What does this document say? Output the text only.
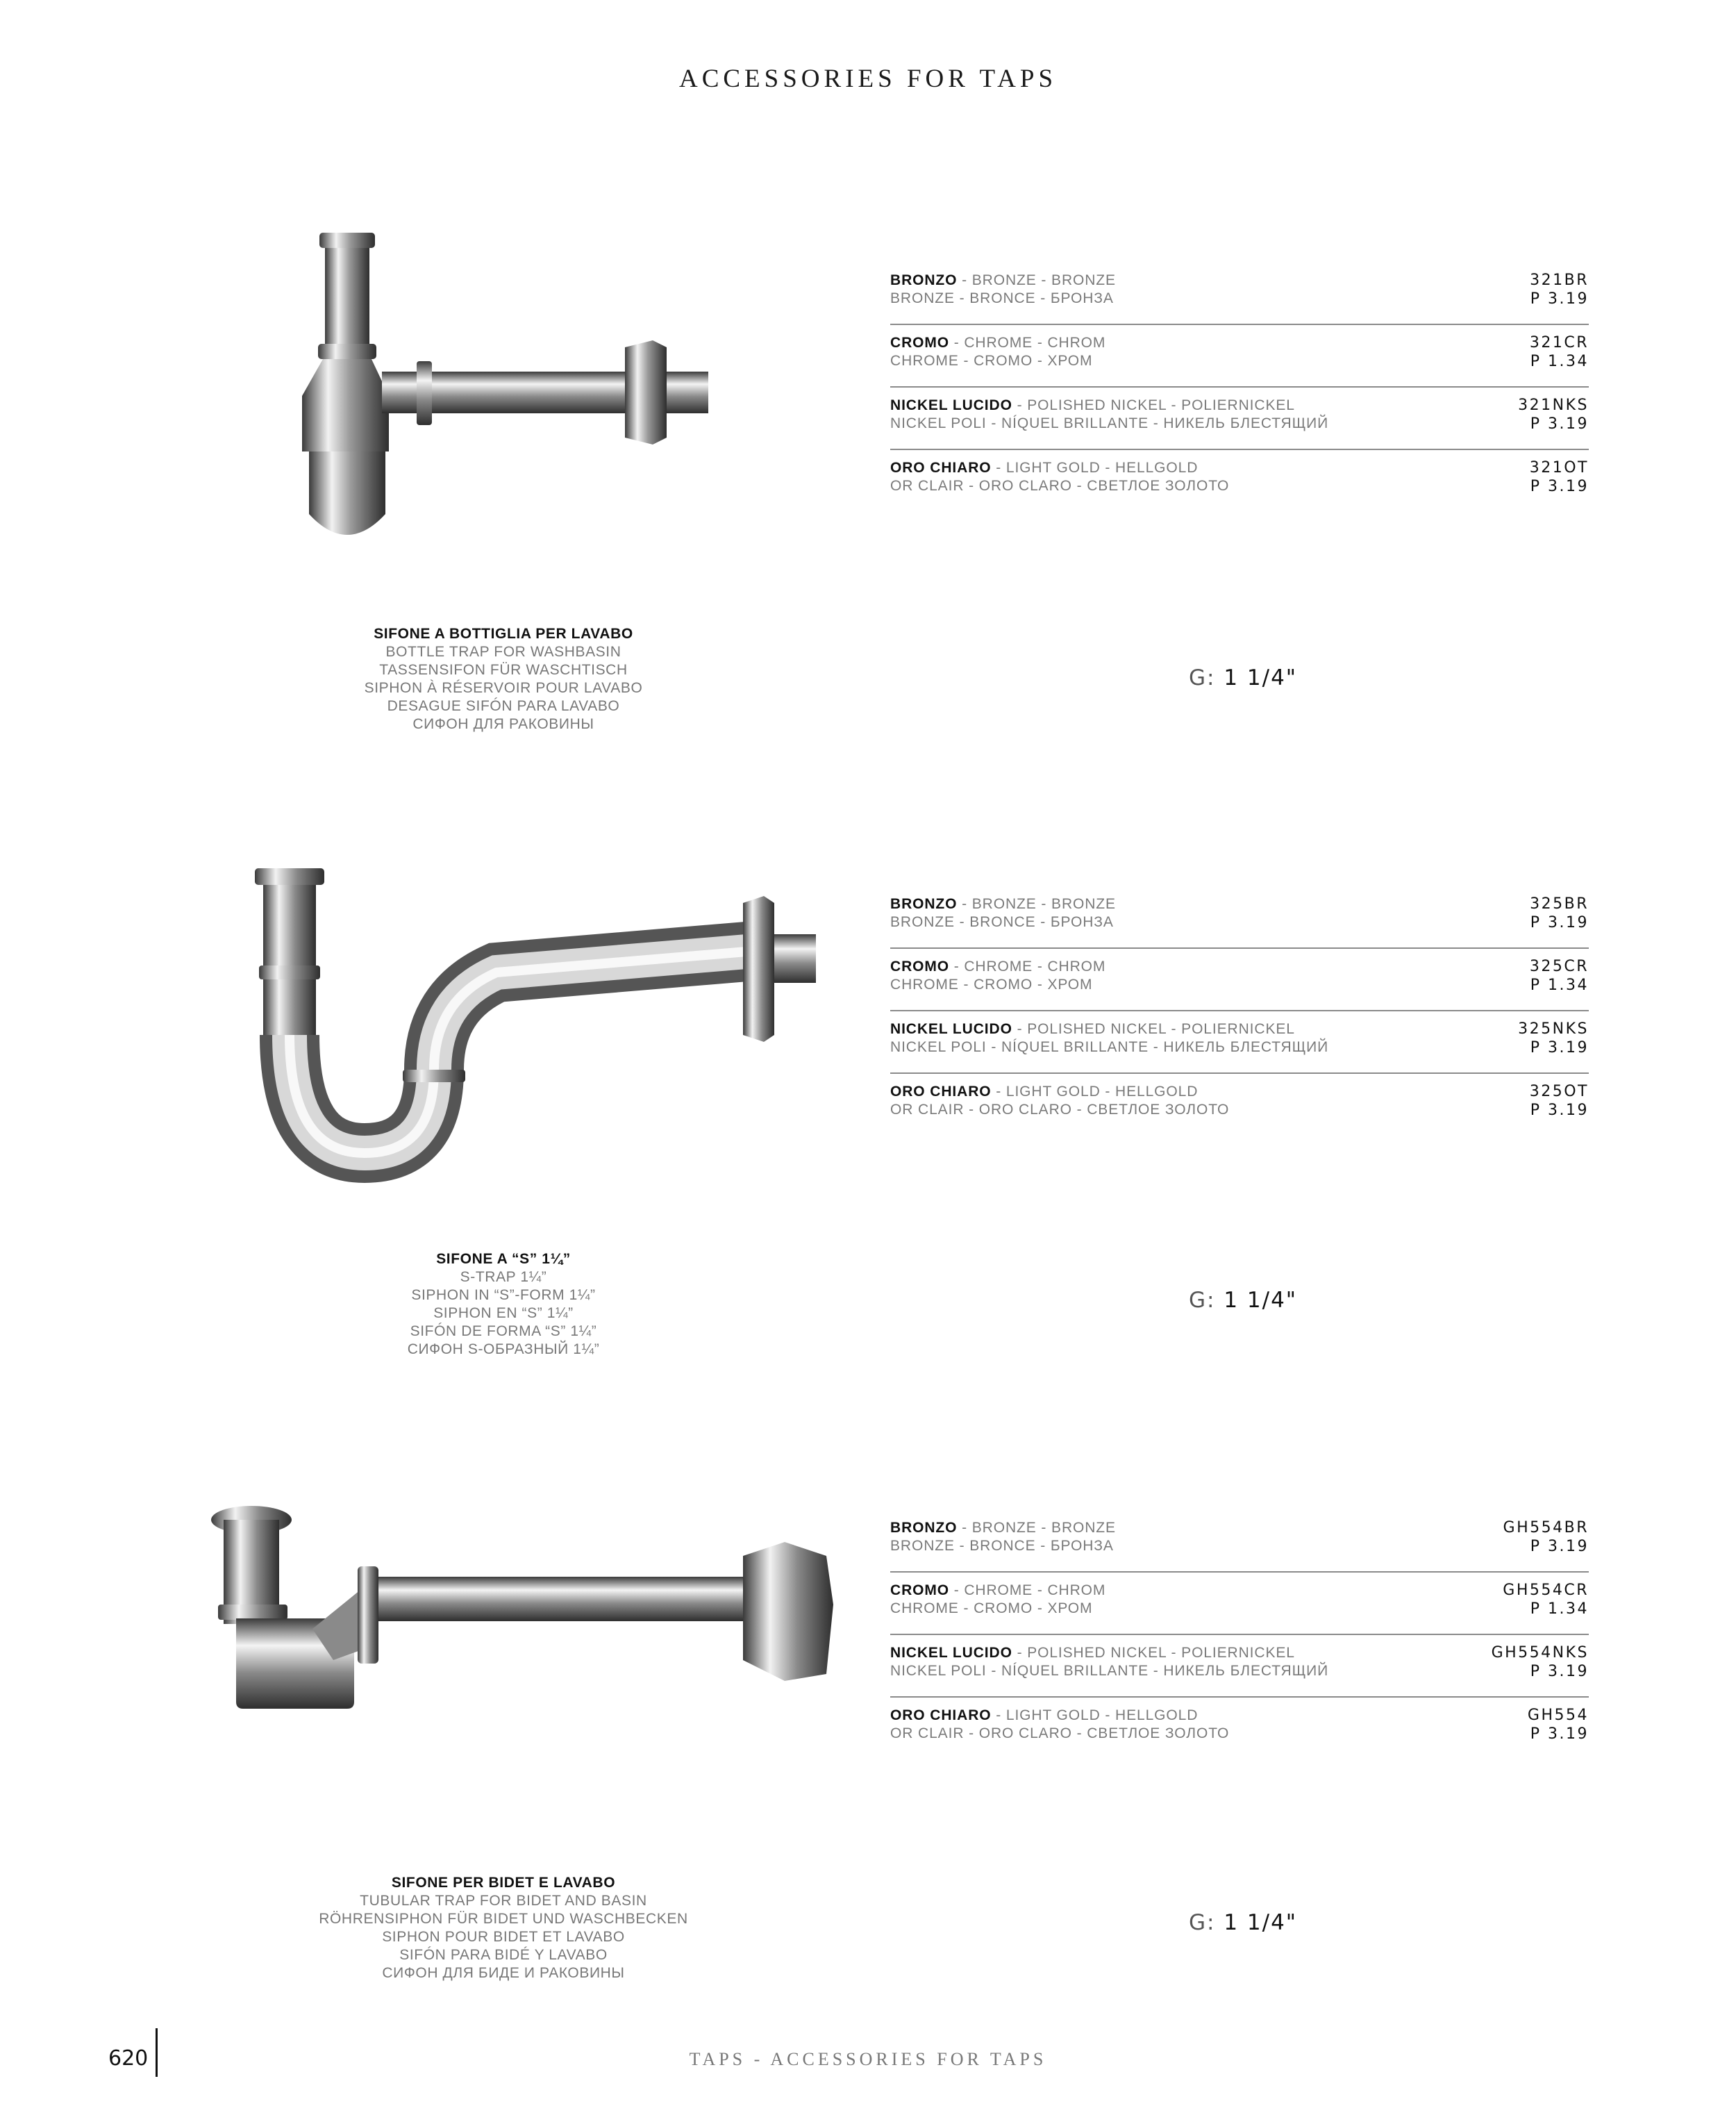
ACCESSORIES FOR TAPS
SIFONE A BOTTIGLIA PER LAVABO
BOTTLE TRAP FOR WASHBASIN
TASSENSIFON FÜR WASCHTISCH
SIPHON À RÉSERVOIR POUR LAVABO
DESAGUE SIFÓN PARA LAVABO
СИФОН ДЛЯ РАКОВИНЫ
BRONZO - BRONZE - BRONZE
BRONZE - BRONCE - БРОНЗА
321BR
P 3.19
CROMO - CHROME - CHROM
CHROME - CROMO - ХРОМ
321CR
P 1.34
NICKEL LUCIDO - POLISHED NICKEL - POLIERNICKEL
NICKEL POLI - NÍQUEL BRILLANTE - НИКЕЛЬ БЛЕСТЯЩИЙ
321NKS
P 3.19
ORO CHIARO - LIGHT GOLD - HELLGOLD
OR CLAIR - ORO CLARO - СВЕТЛОЕ ЗОЛОТО
321OT
P 3.19
G: 1 1/4"
SIFONE A “S” 1¼”
S-TRAP 1¼”
SIPHON IN “S”-FORM 1¼”
SIPHON EN “S” 1¼”
SIFÓN DE FORMA “S” 1¼”
СИФОН S-ОБРАЗНЫЙ 1¼”
BRONZO - BRONZE - BRONZE
BRONZE - BRONCE - БРОНЗА
325BR
P 3.19
CROMO - CHROME - CHROM
CHROME - CROMO - ХРОМ
325CR
P 1.34
NICKEL LUCIDO - POLISHED NICKEL - POLIERNICKEL
NICKEL POLI - NÍQUEL BRILLANTE - НИКЕЛЬ БЛЕСТЯЩИЙ
325NKS
P 3.19
ORO CHIARO - LIGHT GOLD - HELLGOLD
OR CLAIR - ORO CLARO - СВЕТЛОЕ ЗОЛОТО
325OT
P 3.19
G: 1 1/4"
SIFONE PER BIDET E LAVABO
TUBULAR TRAP FOR BIDET AND BASIN
RÖHRENSIPHON FÜR BIDET UND WASCHBECKEN
SIPHON POUR BIDET ET LAVABO
SIFÓN PARA BIDÉ Y LAVABO
СИФОН ДЛЯ БИДЕ И РАКОВИНЫ
BRONZO - BRONZE - BRONZE
BRONZE - BRONCE - БРОНЗА
GH554BR
P 3.19
CROMO - CHROME - CHROM
CHROME - CROMO - ХРОМ
GH554CR
P 1.34
NICKEL LUCIDO - POLISHED NICKEL - POLIERNICKEL
NICKEL POLI - NÍQUEL BRILLANTE - НИКЕЛЬ БЛЕСТЯЩИЙ
GH554NKS
P 3.19
ORO CHIARO - LIGHT GOLD - HELLGOLD
OR CLAIR - ORO CLARO - СВЕТЛОЕ ЗОЛОТО
GH554
P 3.19
G: 1 1/4"
620	TAPS - ACCESSORIES FOR TAPS
